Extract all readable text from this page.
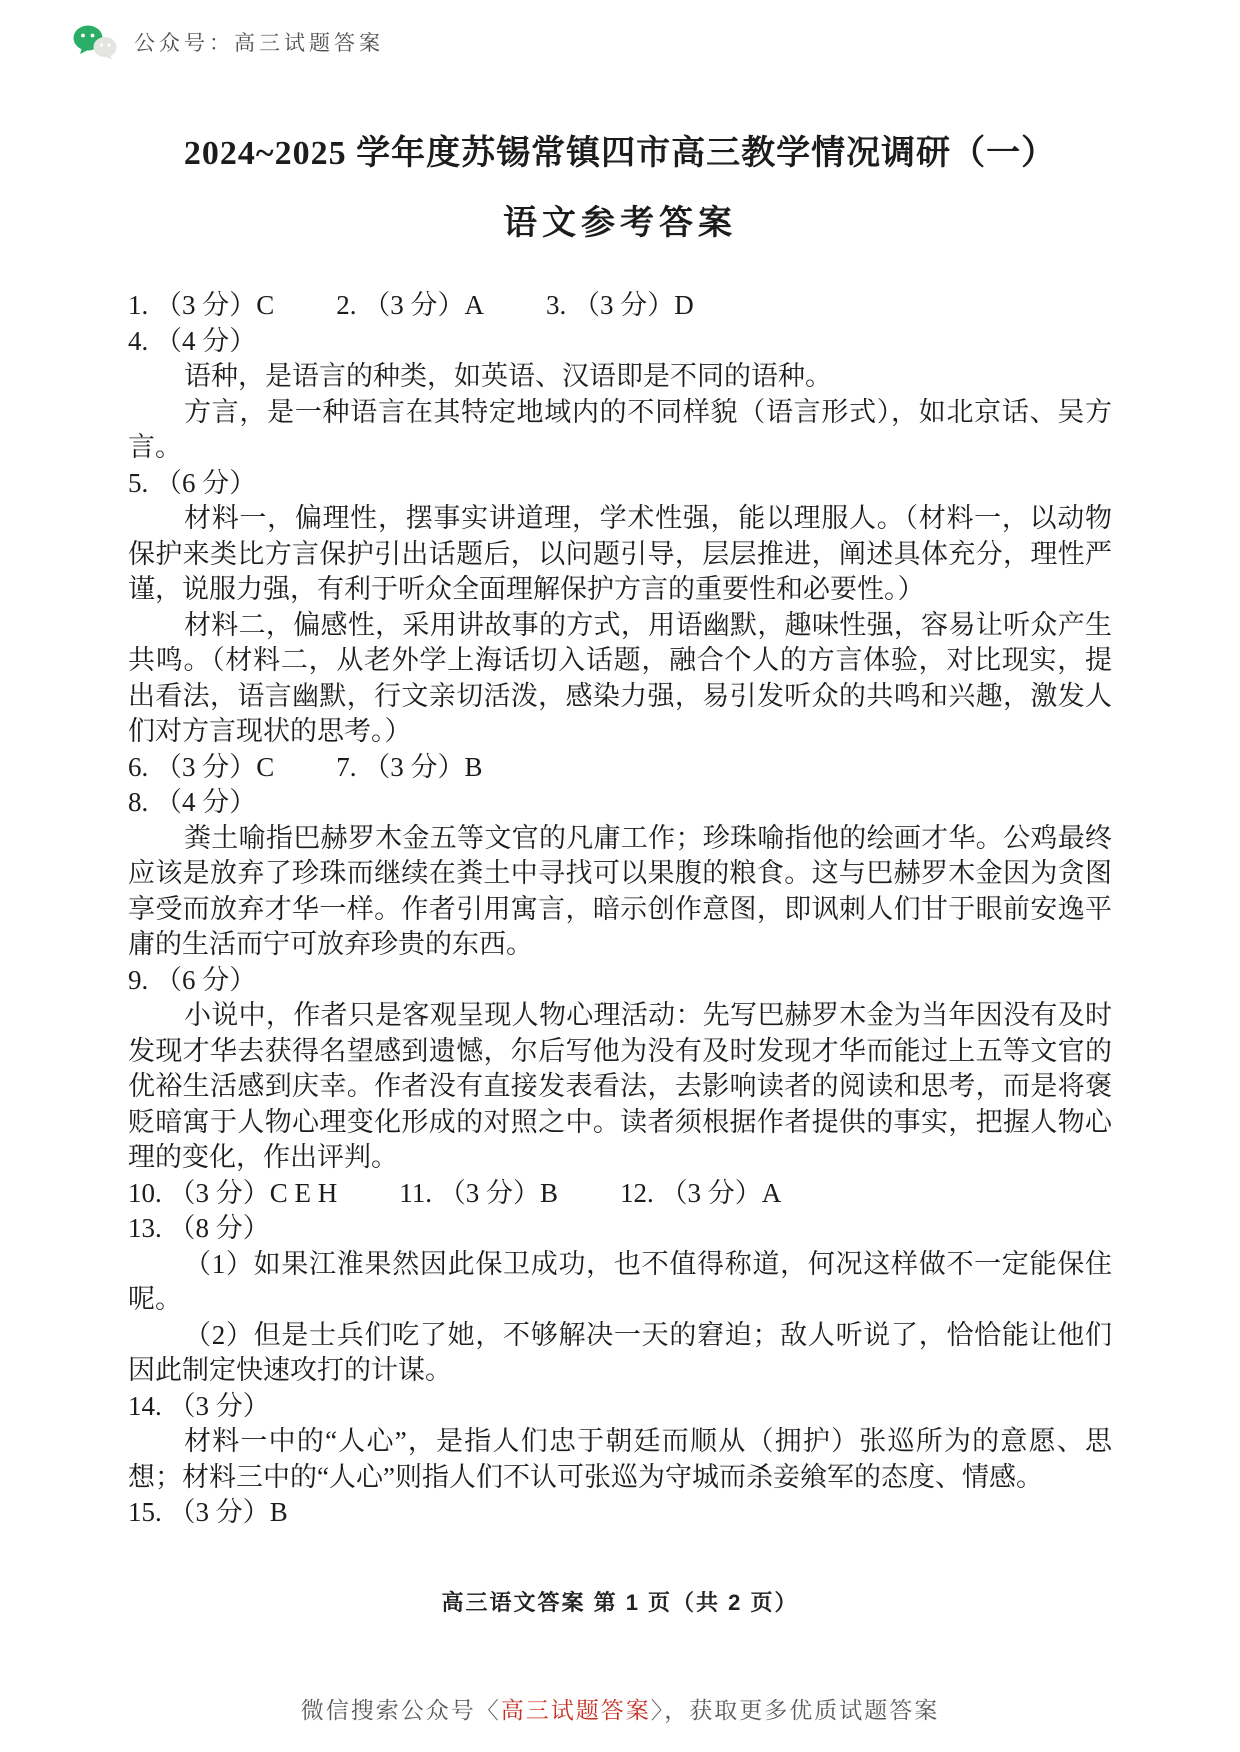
公众号：高三试题答案
2024~2025 学年度苏锡常镇四市高三教学情况调研（一）
语文参考答案
1. （3 分）C 2. （3 分）A 3. （3 分）D
4. （4 分）
语种，是语言的种类，如英语、汉语即是不同的语种。
方言，是一种语言在其特定地域内的不同样貌（语言形式），如北京话、吴方言。
5. （6 分）
材料一，偏理性，摆事实讲道理，学术性强，能以理服人。（材料一，以动物保护来类比方言保护引出话题后，以问题引导，层层推进，阐述具体充分，理性严谨，说服力强，有利于听众全面理解保护方言的重要性和必要性。）
材料二，偏感性，采用讲故事的方式，用语幽默，趣味性强，容易让听众产生共鸣。（材料二，从老外学上海话切入话题，融合个人的方言体验，对比现实，提出看法，语言幽默，行文亲切活泼，感染力强，易引发听众的共鸣和兴趣，激发人们对方言现状的思考。）
6. （3 分）C 7. （3 分）B
8. （4 分）
粪土喻指巴赫罗木金五等文官的凡庸工作；珍珠喻指他的绘画才华。公鸡最终应该是放弃了珍珠而继续在粪土中寻找可以果腹的粮食。这与巴赫罗木金因为贪图享受而放弃才华一样。作者引用寓言，暗示创作意图，即讽刺人们甘于眼前安逸平庸的生活而宁可放弃珍贵的东西。
9. （6 分）
小说中，作者只是客观呈现人物心理活动：先写巴赫罗木金为当年因没有及时发现才华去获得名望感到遗憾，尔后写他为没有及时发现才华而能过上五等文官的优裕生活感到庆幸。作者没有直接发表看法，去影响读者的阅读和思考，而是将褒贬暗寓于人物心理变化形成的对照之中。读者须根据作者提供的事实，把握人物心理的变化，作出评判。
10. （3 分）C E H 11. （3 分）B 12. （3 分）A
13. （8 分）
（1）如果江淮果然因此保卫成功，也不值得称道，何况这样做不一定能保住呢。
（2）但是士兵们吃了她，不够解决一天的窘迫；敌人听说了，恰恰能让他们因此制定快速攻打的计谋。
14. （3 分）
材料一中的“人心”，是指人们忠于朝廷而顺从（拥护）张巡所为的意愿、思想；材料三中的“人心”则指人们不认可张巡为守城而杀妾飨军的态度、情感。
15. （3 分）B
高三语文答案 第 1 页（共 2 页）
微信搜索公众号〈高三试题答案〉，获取更多优质试题答案
